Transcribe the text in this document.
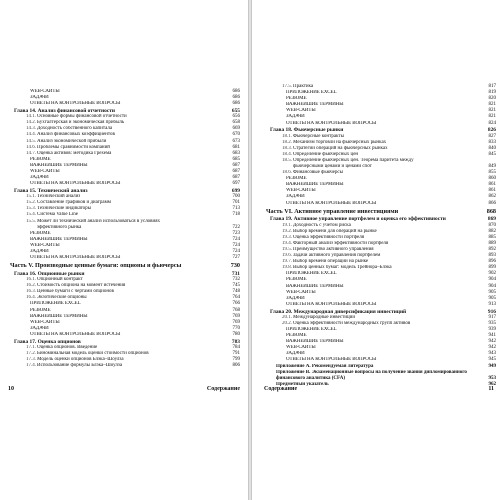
WEB-САЙТЫ	686
ЗАДАЧИ	686
ОТВЕТЫ НА КОНТРОЛЬНЫЕ ВОПРОСЫ	686
Глава 14. Анализ финансовой отчетности	655
14.1.Основные формы финансовой отчетности	656
14.2.Бухгалтерская и экономическая прибыль	658
14.3.Доходность собственного капитала	669
14.4.Анализ финансовых коэффициентов	670
14.5.Анализ экономической прибыли	673
14.6.Проблемы сравнимости компаний	681
14.7.Оценка активов: методика Грехема	683
РЕЗЮМЕ	685
ВАЖНЕЙШИЕ ТЕРМИНЫ	687
WEB-САЙТЫ	687
ЗАДАЧИ	687
ОТВЕТЫ НА КОНТРОЛЬНЫЕ ВОПРОСЫ	697
Глава 15. Технический анализ	699
15.1.Технический анализ	700
15.2.Составление графиков и диаграмм	701
15.3.Технические индикаторы	713
15.4.Система Value Line	718
15.5.Может ли технический анализ использоваться в условиях
эффективного рынка	722
РЕЗЮМЕ	723
ВАЖНЕЙШИЕ ТЕРМИНЫ	724
WEB-САЙТЫ	724
ЗАДАЧИ	724
ОТВЕТЫ НА КОНТРОЛЬНЫЕ ВОПРОСЫ	727
Часть V. Производные ценные бумаги: опционы и фьючерсы	730
Глава 16. Опционные рынки	731
16.1.Опционный контракт	732
16.2.Стоимость опциона на момент истечения	745
16.3.Ценные бумаги с чертами опционов	748
16.4.Экзотические опционы	764
ПРИЛОЖЕНИЕ EXCEL	766
РЕЗЮМЕ	768
ВАЖНЕЙШИЕ ТЕРМИНЫ	769
WEB-САЙТЫ	769
ЗАДАЧИ	770
ОТВЕТЫ НА КОНТРОЛЬНЫЕ ВОПРОСЫ	780
Глава 17. Оценка опционов	783
17.1.Оценка опционов. Введение	784
17.2.Биноминальная модель оценки стоимости опционов	791
17.3.Модель оценки опционов Блэка–Шоулза	799
17.4.Использование формулы Блэка–Шоулза	806
10	Содержание
17.5.Практика	817
ПРИЛОЖЕНИЕ EXCEL	819
РЕЗЮМЕ	820
ВАЖНЕЙШИЕ ТЕРМИНЫ	821
WEB-САЙТЫ	821
ЗАДАЧИ	821
ОТВЕТЫ НА КОНТРОЛЬНЫЕ ВОПРОСЫ	824
Глава 18. Фьючерсные рынки	826
18.1.Фьючерсные контракты	827
18.2.Механизм торговли на фьючерсных рынках	833
18.3.Стратегии операций на фьючерсных рынках	840
18.4.Определение фьючерсных цен	845
18.5.Определение фьючерсных цен. Теорема паритета между
фьючерсными ценами и ценами спот	849
18.6.Финансовые фьючерсы	855
РЕЗЮМЕ	860
ВАЖНЕЙШИЕ ТЕРМИНЫ	861
WEB-САЙТЫ	861
ЗАДАЧИ	862
ОТВЕТЫ НА КОНТРОЛЬНЫЕ ВОПРОСЫ	866
Часть VI. Активное управление инвестициями	868
Глава 19. Активное управление портфелем и оценка его эффективности	869
19.1.Доходность с учетом риска	870
19.2.Выбор времени для операций на рынке	882
19.3.Оценка эффективности портфеля	885
19.4.Факторный анализ эффективности портфеля	889
19.5.Преимущество активного управления	892
19.6.Задачи активного управления портфелем	893
19.7.Выбор времени операции на рынке	896
19.8.Выбор ценных бумаг: модель Трейнора–Блэка	899
ПРИЛОЖЕНИЕ EXCEL	902
РЕЗЮМЕ	904
ВАЖНЕЙШИЕ ТЕРМИНЫ	904
WEB-САЙТЫ	905
ЗАДАЧИ	905
ОТВЕТЫ НА КОНТРОЛЬНЫЕ ВОПРОСЫ	913
Глава 20. Международная диверсификация инвестиций	916
20.1.Международные инвестиции	917
20.2.Оценка эффективности международных групп активов	935
ПРИЛОЖЕНИЕ EXCEL	939
РЕЗЮМЕ	941
ВАЖНЕЙШИЕ ТЕРМИНЫ	942
WEB-САЙТЫ	942
ЗАДАЧИ	943
ОТВЕТЫ НА КОНТРОЛЬНЫЕ ВОПРОСЫ	945
Приложение А. Рекомендуемая литература	949
Приложение В. Экзаменационные вопросы на получение звания дипломированного финансового аналитика (CFA)	953
Предметный указатель	962
Содержание	11
